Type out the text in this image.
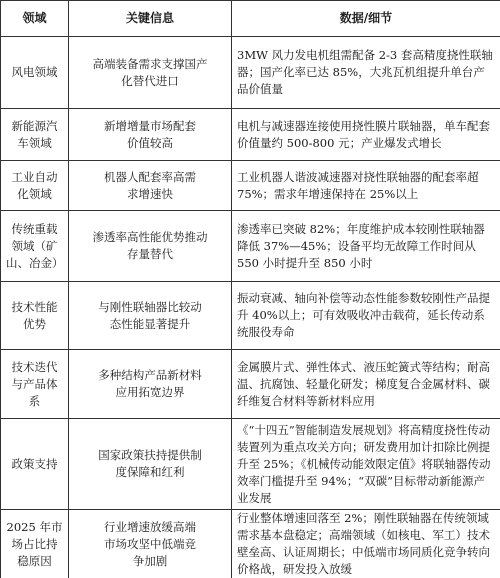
领域	关键信息	数据/细节
风电领域	高端装备需求支撑国产化替代进口	3MW 风力发电机组需配备 2-3 套高精度挠性联轴器；国产化率已达 85%，大兆瓦机组提升单台产品价值量
新能源汽车领域	新增增量市场配套价值较高	电机与减速器连接使用挠性膜片联轴器，单车配套价值量约 500-800 元；产业爆发式增长
工业自动化领域	机器人配套率高需求增速快	工业机器人谐波减速器对挠性联轴器的配套率超 75%；需求年增速保持在 25%以上
传统重载领域（矿山、冶金）	渗透率高性能优势推动存量替代	渗透率已突破 82%；年度维护成本较刚性联轴器降低 37%—45%；设备平均无故障工作时间从 550 小时提升至 850 小时
技术性能优势	与刚性联轴器比较动态性能显著提升	振动衰减、轴向补偿等动态性能参数较刚性产品提升 40%以上；可有效吸收冲击载荷，延长传动系统服役寿命
技术迭代与产品体系	多种结构产品新材料应用拓宽边界	金属膜片式、弹性体式、液压蛇簧式等结构；耐高温、抗腐蚀、轻量化研发；梯度复合金属材料、碳纤维复合材料等新材料应用
政策支持	国家政策扶持提供制度保障和红利	《“十四五”智能制造发展规划》将高精度挠性传动装置列为重点攻关方向；研发费用加计扣除比例提升至 25%；《机械传动能效限定值》将联轴器传动效率门槛提升至 94%；“双碳”目标带动新能源产业发展
2025 年市场占比持稳原因	行业增速放缓高端市场攻坚中低端竞争加剧	行业整体增速回落至 2%；刚性联轴器在传统领域需求基本盘稳定；高端领域（如核电、军工）技术壁垒高、认证周期长；中低端市场同质化竞争转向价格战，研发投入放缓
